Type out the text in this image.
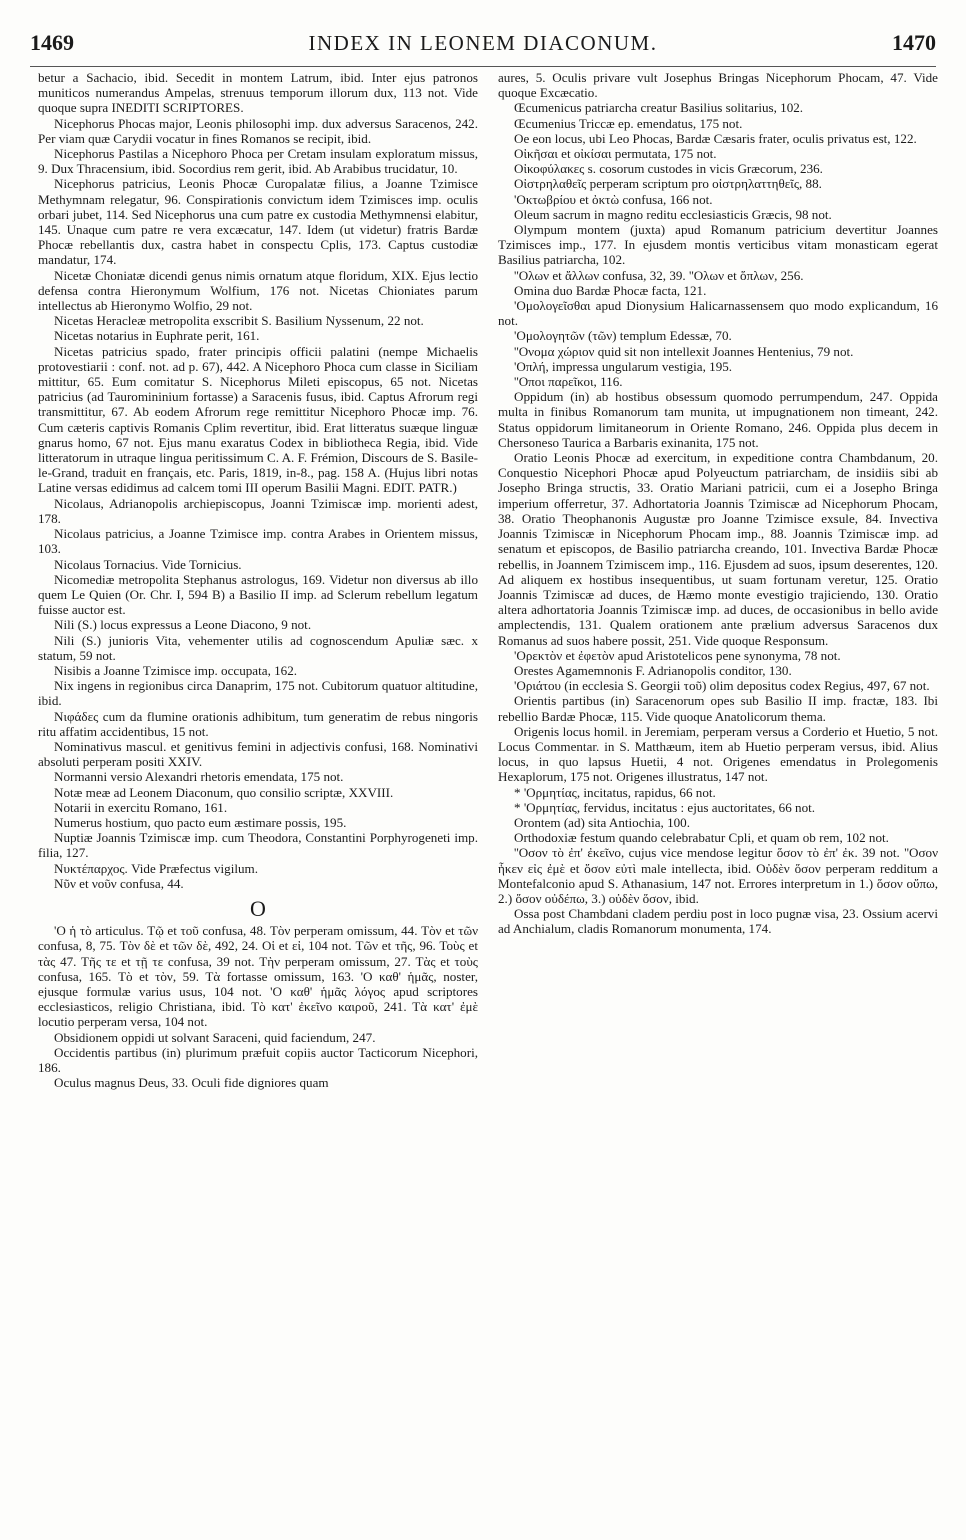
1469	INDEX IN LEONEM DIACONUM.	1470

betur a Sachacio, ibid. Secedit in montem Latrum, ibid. Inter ejus patronos muniticos numerandus Ampelas, strenuus temporum illorum dux, 113 not. Vide quoque supra INEDITI SCRIPTORES.

Nicephorus Phocas major, Leonis philosophi imp. dux adversus Saracenos, 242. Per viam quæ Carydii vocatur in fines Romanos se recipit, ibid.

Nicephorus Pastilas a Nicephoro Phoca per Cretam insulam exploratum missus, 9. Dux Thracensium, ibid. Socordius rem gerit, ibid. Ab Arabibus trucidatur, 10.

Nicephorus patricius, Leonis Phocæ Curopalatæ filius, a Joanne Tzimisce Methymnam relegatur, 96. Conspirationis convictum idem Tzimisces imp. oculis orbari jubet, 114. Sed Nicephorus una cum patre ex custodia Methymnensi elabitur, 145. Unaque cum patre re vera excæcatur, 147. Idem (ut videtur) fratris Bardæ Phocæ rebellantis dux, castra habet in conspectu Cplis, 173. Captus custodiæ mandatur, 174.

Nicetæ Choniatæ dicendi genus nimis ornatum atque floridum, XIX. Ejus lectio defensa contra Hieronymum Wolfium, 176 not. Nicetas Chioniates parum intellectus ab Hieronymo Wolfio, 29 not.

Nicetas Heracleæ metropolita exscribit S. Basilium Nyssenum, 22 not.

Nicetas notarius in Euphrate perit, 161.

Nicetas patricius spado, frater principis officii palatini (nempe Michaelis protovestiarii : conf. not. ad p. 67), 442. A Nicephoro Phoca cum classe in Siciliam mittitur, 65. Eum comitatur S. Nicephorus Mileti episcopus, 65 not. Nicetas patricius (ad Tauromininium fortasse) a Saracenis fusus, ibid. Captus Afrorum regi transmittitur, 67. Ab eodem Afrorum rege remittitur Nicephoro Phocæ imp. 76. Cum cæteris captivis Romanis Cplim revertitur, ibid. Erat litteratus suæque linguæ gnarus homo, 67 not. Ejus manu exaratus Codex in bibliotheca Regia, ibid. Vide litteratorum in utraque lingua peritissimum C. A. F. Frémion, Discours de S. Basile-le-Grand, traduit en français, etc. Paris, 1819, in-8., pag. 158 A. (Hujus libri notas Latine versas edidimus ad calcem tomi III operum Basilii Magni. EDIT. PATR.)

Nicolaus, Adrianopolis archiepiscopus, Joanni Tzimiscæ imp. morienti adest, 178.

Nicolaus patricius, a Joanne Tzimisce imp. contra Arabes in Orientem missus, 103.

Nicolaus Tornacius. Vide Tornicius.

Nicomediæ metropolita Stephanus astrologus, 169. Videtur non diversus ab illo quem Le Quien (Or. Chr. I, 594 B) a Basilio II imp. ad Sclerum rebellum legatum fuisse auctor est.

Nili (S.) locus expressus a Leone Diacono, 9 not.

Nili (S.) junioris Vita, vehementer utilis ad cognoscendum Apuliæ sæc. x statum, 59 not.

Nisibis a Joanne Tzimisce imp. occupata, 162.

Nix ingens in regionibus circa Danaprim, 175 not. Cubitorum quatuor altitudine, ibid.

Νιφάδες cum da flumine orationis adhibitum, tum generatim de rebus ningoris ritu affatim accidentibus, 15 not.

Nominativus mascul. et genitivus femini in adjectivis confusi, 168. Nominativi absoluti perperam positi XXIV.

Normanni versio Alexandri rhetoris emendata, 175 not.

Notæ meæ ad Leonem Diaconum, quo consilio scriptæ, XXVIII.

Notarii in exercitu Romano, 161.

Numerus hostium, quo pacto eum æstimare possis, 195.

Nuptiæ Joannis Tzimiscæ imp. cum Theodora, Constantini Porphyrogeneti imp. filia, 127.

Νυκτέπαρχος. Vide Præfectus vigilum.

Νῦν et νοῦν confusa, 44.

O

'Ο ἡ τὸ articulus. Τῷ et τοῦ confusa, 48. Τὸν perperam omissum, 44. Τὸν et τῶν confusa, 8, 75. Τὸν δὲ et τῶν δὲ, 492, 24. Οἱ et εἰ, 104 not. Τῶν et τῆς, 96. Τοὺς et τὰς 47. Τῆς τε et τῇ τε confusa, 39 not. Τὴν perperam omissum, 27. Τὰς et τοὺς confusa, 165. Τὸ et τὸν, 59. Τὰ fortasse omissum, 163. 'Ο καθ' ἡμᾶς, noster, ejusque formulæ varius usus, 104 not. 'Ο καθ' ἡμᾶς λόγος apud scriptores ecclesiasticos, religio Christiana, ibid. Τὸ κατ' ἐκεῖνο καιροῦ, 241. Τὰ κατ' ἐμὲ locutio perperam versa, 104 not.

Obsidionem oppidi ut solvant Saraceni, quid faciendum, 247.

Occidentis partibus (in) plurimum præfuit copiis auctor Tacticorum Nicephori, 186.

Oculus magnus Deus, 33. Oculi fide digniores quam

aures, 5. Oculis privare vult Josephus Bringas Nicephorum Phocam, 47. Vide quoque Excæcatio.

Œcumenicus patriarcha creatur Basilius solitarius, 102.

Œcumenius Triccæ ep. emendatus, 175 not.

Oe eon locus, ubi Leo Phocas, Bardæ Cæsaris frater, oculis privatus est, 122.

Οἰκῆσαι et οἰκίσαι permutata, 175 not.

Οἰκοφύλακες s. cosorum custodes in vicis Græcorum, 236.

Οἰστρηλαθεῖς perperam scriptum pro οἰστρηλαττηθεῖς, 88.

'Οκτωβρίου et ὀκτὼ confusa, 166 not.

Oleum sacrum in magno reditu ecclesiasticis Græcis, 98 not.

Olympum montem (juxta) apud Romanum patricium devertitur Joannes Tzimisces imp., 177. In ejusdem montis verticibus vitam monasticam egerat Basilius patriarcha, 102.

''Ολων et ἄλλων confusa, 32, 39. ''Ολων et ὅπλων, 256.

Omina duo Bardæ Phocæ facta, 121.

'Ομολογεῖσθαι apud Dionysium Halicarnassensem quo modo explicandum, 16 not.

'Ομολογητῶν (τῶν) templum Edessæ, 70.

''Ονομα χώριον quid sit non intellexit Joannes Hentenius, 79 not.

'Οπλή, impressa ungularum vestigia, 195.

''Οποι παρεῖκοι, 116.

Oppidum (in) ab hostibus obsessum quomodo perrumpendum, 247. Oppida multa in finibus Romanorum tam munita, ut impugnationem non timeant, 242. Status oppidorum limitaneorum in Oriente Romano, 246. Oppida plus decem in Chersoneso Taurica a Barbaris exinanita, 175 not.

Oratio Leonis Phocæ ad exercitum, in expeditione contra Chambdanum, 20. Conquestio Nicephori Phocæ apud Polyeuctum patriarcham, de insidiis sibi ab Josepho Bringa structis, 33. Oratio Mariani patricii, cum ei a Josepho Bringa imperium offerretur, 37. Adhortatoria Joannis Tzimiscæ ad Nicephorum Phocam, 38. Oratio Theophanonis Augustæ pro Joanne Tzimisce exsule, 84. Invectiva Joannis Tzimiscæ in Nicephorum Phocam imp., 88. Joannis Tzimiscæ imp. ad senatum et episcopos, de Basilio patriarcha creando, 101. Invectiva Bardæ Phocæ rebellis, in Joannem Tzimiscem imp., 116. Ejusdem ad suos, ipsum deserentes, 120. Ad aliquem ex hostibus insequentibus, ut suam fortunam veretur, 125. Oratio Joannis Tzimiscæ ad duces, de Hæmo monte evestigio trajiciendo, 130. Oratio altera adhortatoria Joannis Tzimiscæ imp. ad duces, de occasionibus in bello avide amplectendis, 131. Qualem orationem ante prælium adversus Saracenos dux Romanus ad suos habere possit, 251. Vide quoque Responsum.

'Ορεκτὸν et ἐφετὸν apud Aristotelicos pene synonyma, 78 not.

Orestes Agamemnonis F. Adrianopolis conditor, 130.

'Οριάτου (in ecclesia S. Georgii τοῦ) olim depositus codex Regius, 497, 67 not.

Orientis partibus (in) Saracenorum opes sub Basilio II imp. fractæ, 183. Ibi rebellio Bardæ Phocæ, 115. Vide quoque Anatolicorum thema.

Origenis locus homil. in Jeremiam, perperam versus a Corderio et Huetio, 5 not. Locus Commentar. in S. Matthæum, item ab Huetio perperam versus, ibid. Alius locus, in quo lapsus Huetii, 4 not. Origenes emendatus in Prolegomenis Hexaplorum, 175 not. Origenes illustratus, 147 not.

* 'Ορμητίας, incitatus, rapidus, 66 not.

* 'Ορμητίας, fervidus, incitatus : ejus auctoritates, 66 not.

Orontem (ad) sita Antiochia, 100.

Orthodoxiæ festum quando celebrabatur Cpli, et quam ob rem, 102 not.

''Οσον τὸ ἐπ' ἐκεῖνο, cujus vice mendose legitur ὅσον τὸ ἐπ' ἐκ. 39 not. ''Οσον ἧκεν εἰς ἐμὲ et ὅσον εὐτὶ male intellecta, ibid. Οὐδὲν ὅσον perperam redditum a Montefalconio apud S. Athanasium, 147 not. Errores interpretum in 1.) ὅσον οὔπω, 2.) ὅσον οὐδέπω, 3.) οὐδὲν ὅσον, ibid.

Ossa post Chambdani cladem perdiu post in loco pugnæ visa, 23. Ossium acervi ad Anchialum, cladis Romanorum monumenta, 174.
